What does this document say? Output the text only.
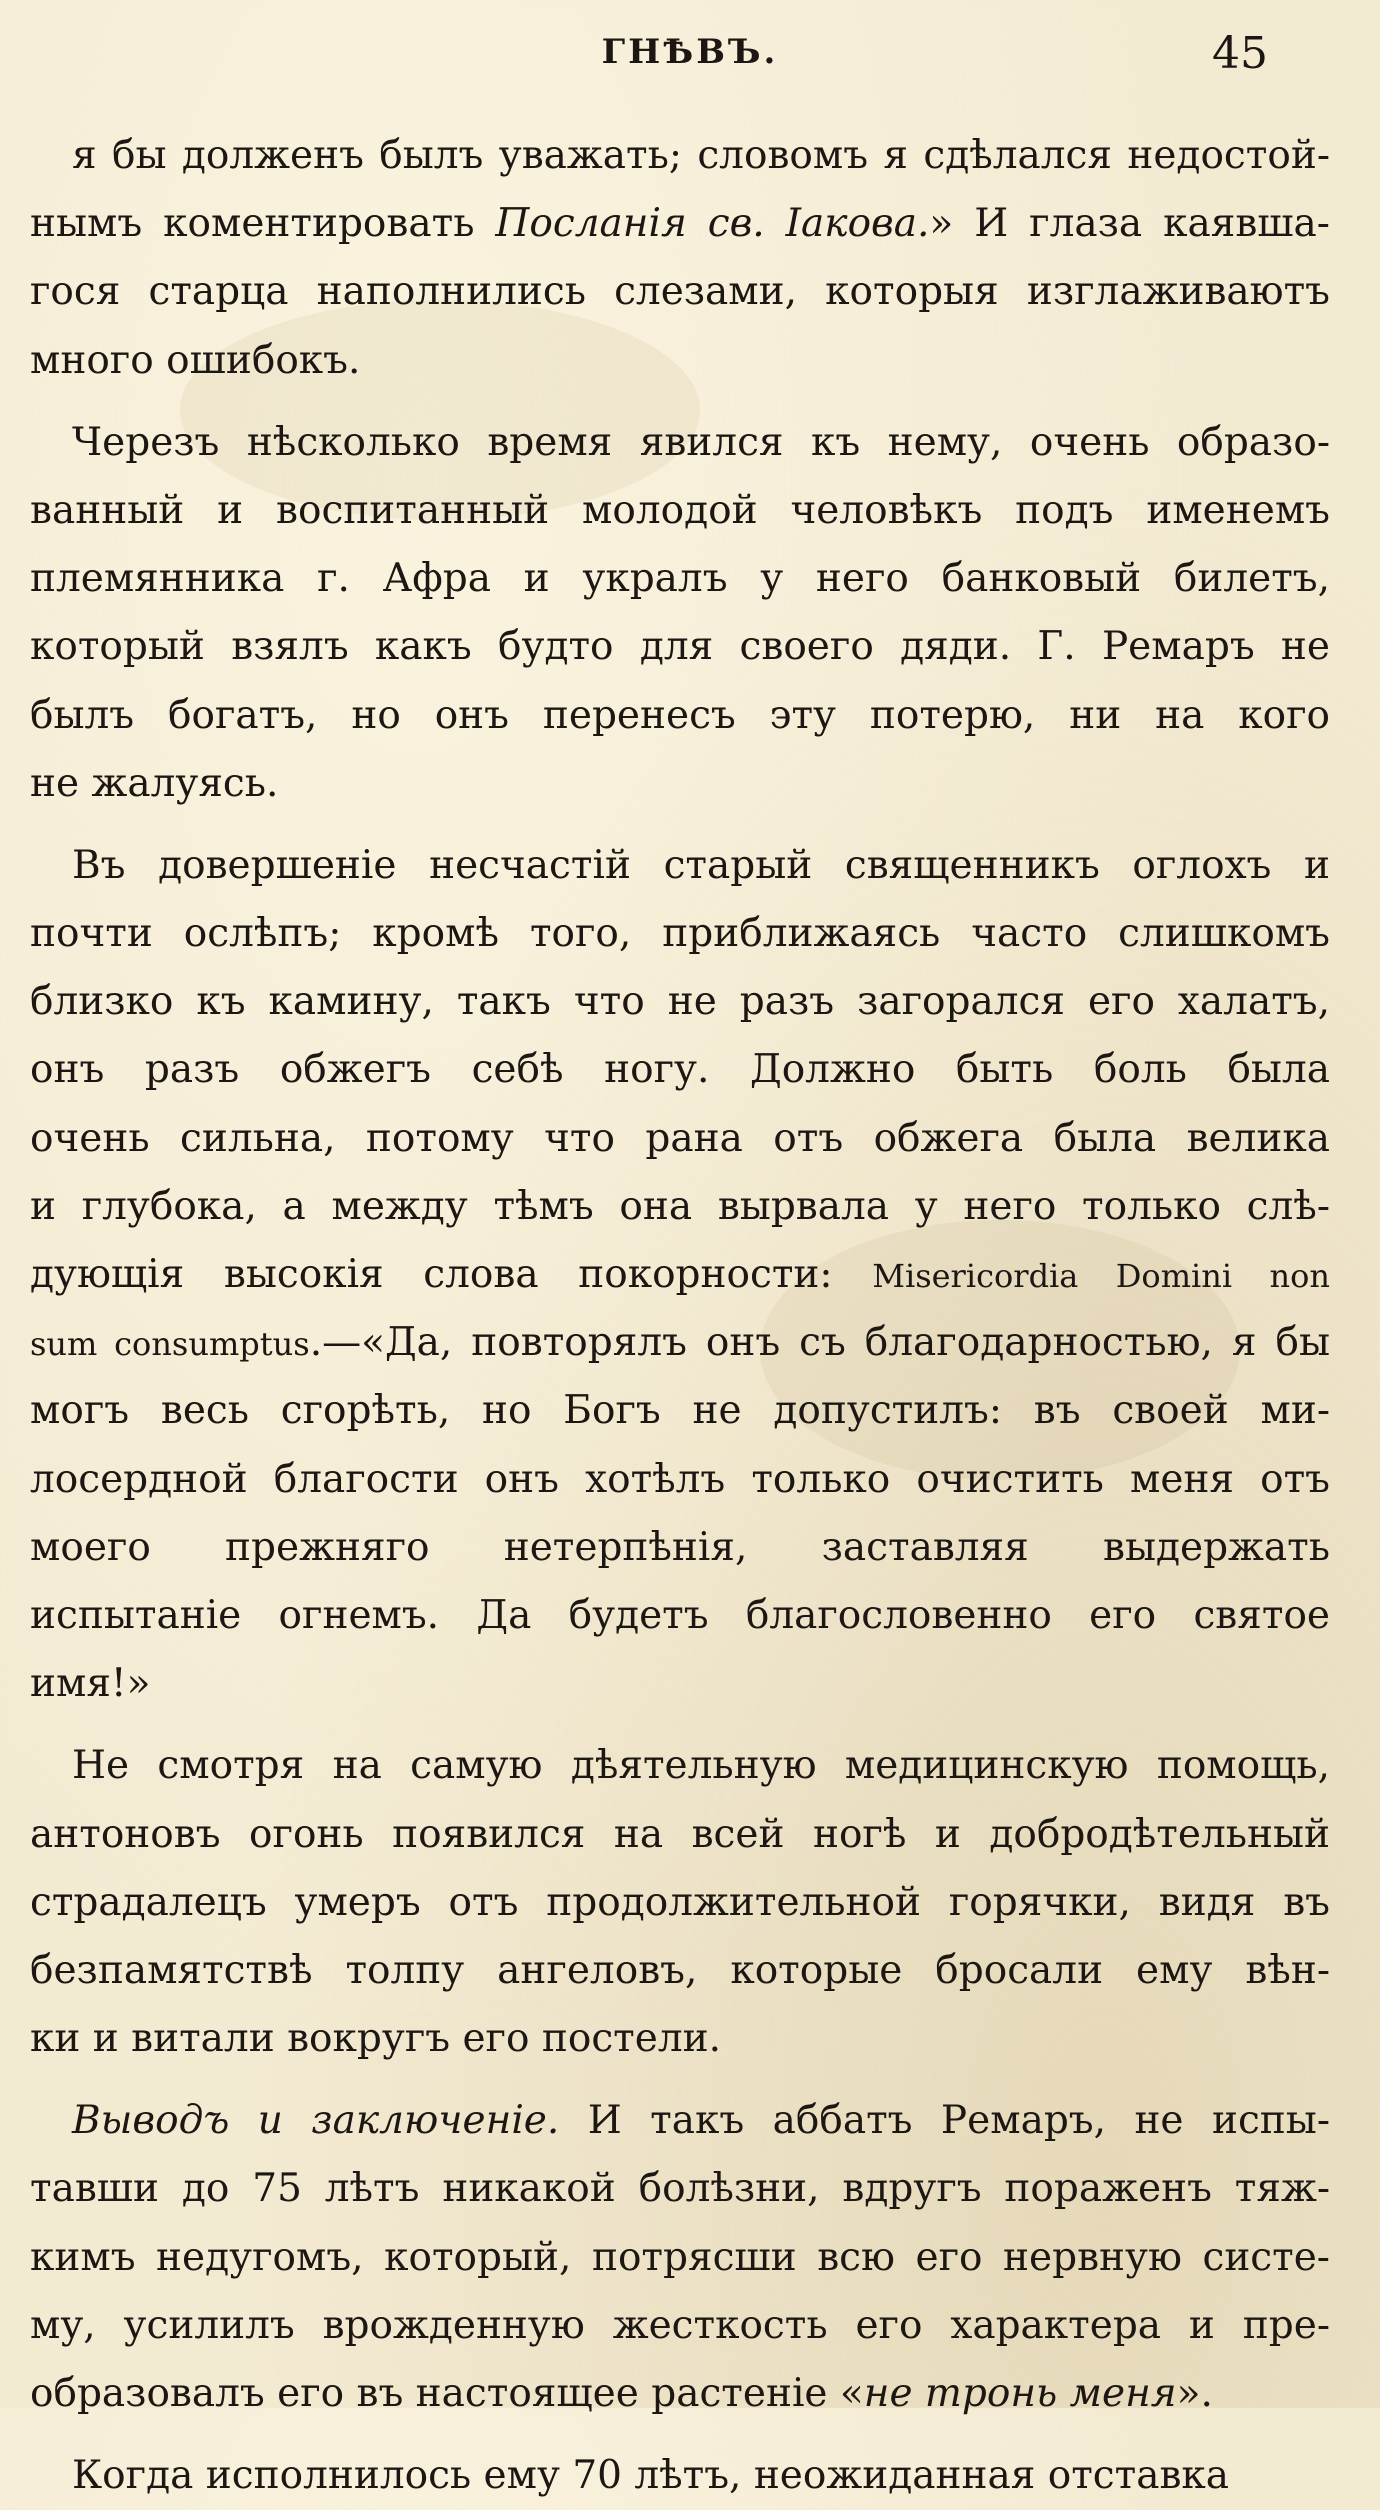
ГНѢВЪ.	45
я бы долженъ былъ уважать; словомъ я сдѣлался недостой-
нымъ коментировать Посланія св. Іакова.» И глаза каявша-
гося старца наполнились слезами, которыя изглаживаютъ
много ошибокъ.
Черезъ нѣсколько время явился къ нему, очень образо-
ванный и воспитанный молодой человѣкъ подъ именемъ
племянника г. Афра и укралъ у него банковый билетъ,
который взялъ какъ будто для своего дяди. Г. Ремаръ не
былъ богатъ, но онъ перенесъ эту потерю, ни на кого
не жалуясь.
Въ довершеніе несчастій старый священникъ оглохъ и
почти ослѣпъ; кромѣ того, приближаясь часто слишкомъ
близко къ камину, такъ что не разъ загорался его халатъ,
онъ разъ обжегъ себѣ ногу. Должно быть боль была
очень сильна, потому что рана отъ обжега была велика
и глубока, а между тѣмъ она вырвала у него только слѣ-
дующія высокія слова покорности: Misericordia Domini non
sum consumptus.—«Да, повторялъ онъ съ благодарностью, я бы
могъ весь сгорѣть, но Богъ не допустилъ: въ своей ми-
лосердной благости онъ хотѣлъ только очистить меня отъ
моего прежняго нетерпѣнія, заставляя выдержать
испытаніе огнемъ. Да будетъ благословенно его святое
имя!»
Не смотря на самую дѣятельную медицинскую помощь,
антоновъ огонь появился на всей ногѣ и добродѣтельный
страдалецъ умеръ отъ продолжительной горячки, видя въ
безпамятствѣ толпу ангеловъ, которые бросали ему вѣн-
ки и витали вокругъ его постели.
Выводъ и заключеніе. И такъ аббатъ Ремаръ, не испы-
тавши до 75 лѣтъ никакой болѣзни, вдругъ пораженъ тяж-
кимъ недугомъ, который, потрясши всю его нервную систе-
му, усилилъ врожденную жесткость его характера и пре-
образовалъ его въ настоящее растеніе «не тронь меня».
Когда исполнилось ему 70 лѣтъ, неожиданная отставка
